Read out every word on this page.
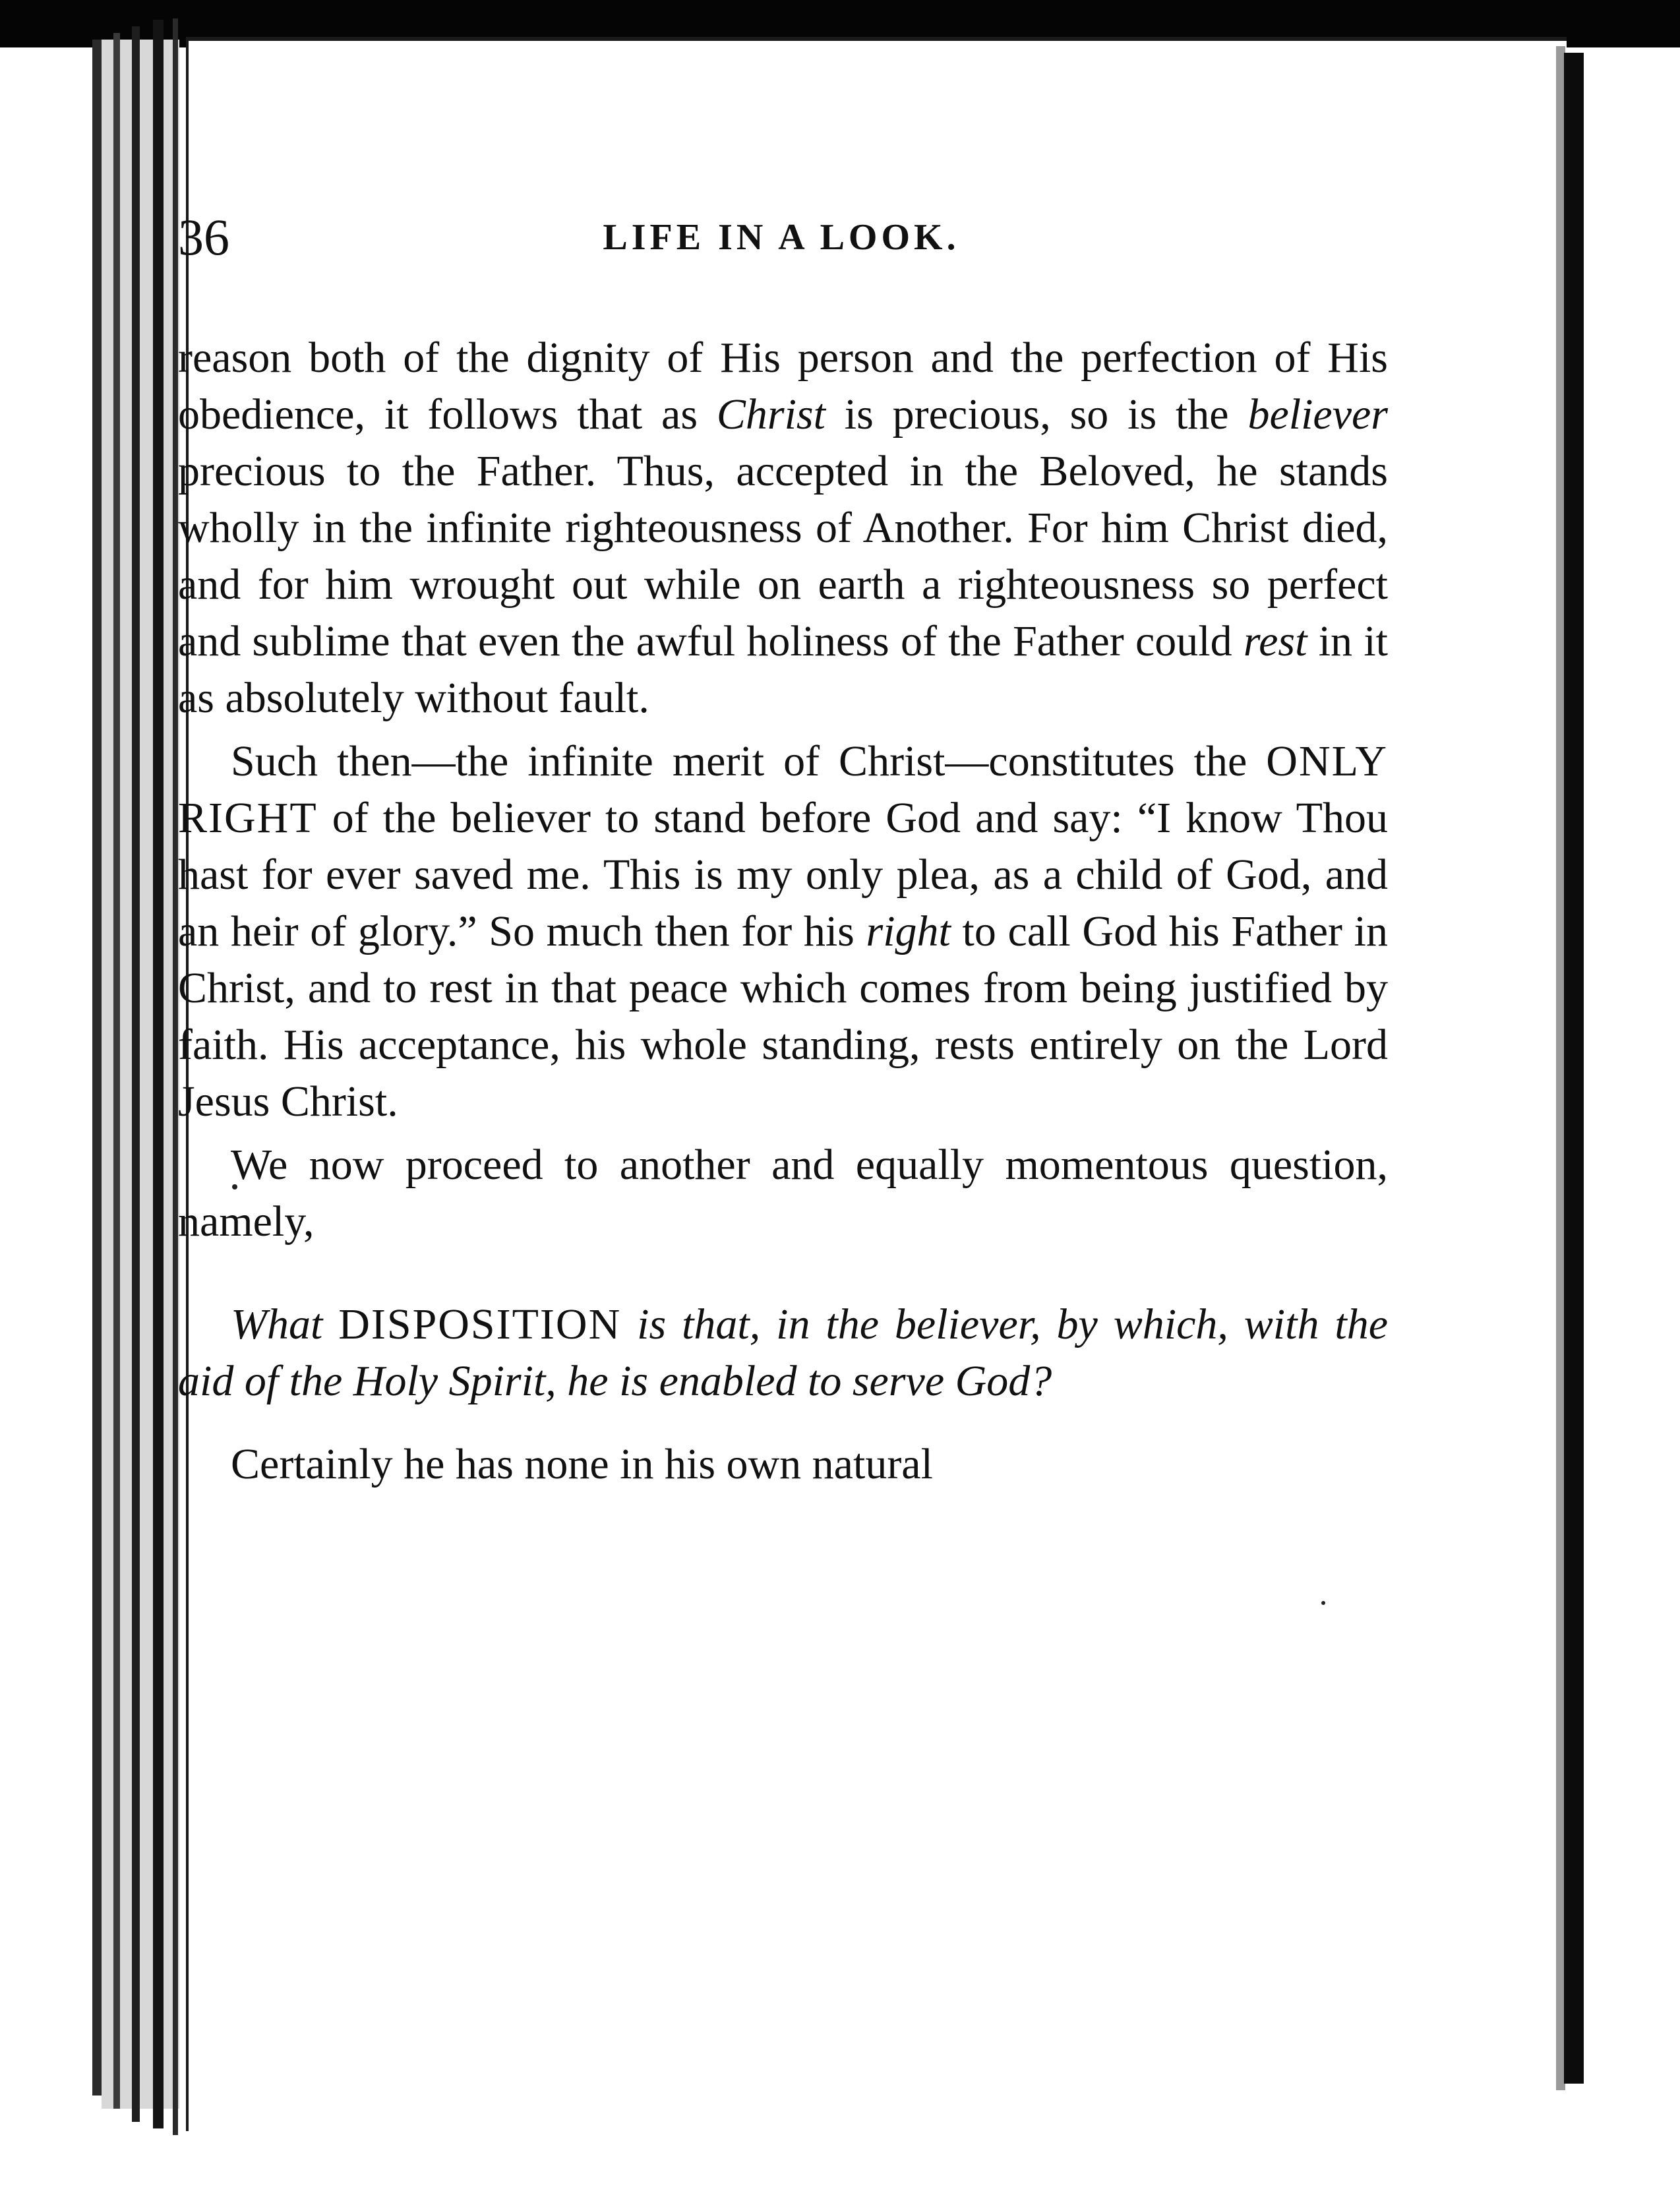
36	LIFE IN A LOOK.

reason both of the dignity of His person and the perfection of His obedience, it follows that as Christ is precious, so is the believer precious to the Father. Thus, accepted in the Beloved, he stands wholly in the infinite righteousness of Another. For him Christ died, and for him wrought out while on earth a righteousness so perfect and sublime that even the awful holiness of the Father could rest in it as absolutely without fault.

Such then—the infinite merit of Christ—constitutes the ONLY RIGHT of the believer to stand before God and say: “I know Thou hast for ever saved me. This is my only plea, as a child of God, and an heir of glory.” So much then for his right to call God his Father in Christ, and to rest in that peace which comes from being justified by faith. His acceptance, his whole standing, rests entirely on the Lord Jesus Christ.

We now proceed to another and equally momentous question, namely,

What DISPOSITION is that, in the believer, by which, with the aid of the Holy Spirit, he is enabled to serve God?

Certainly he has none in his own natural
